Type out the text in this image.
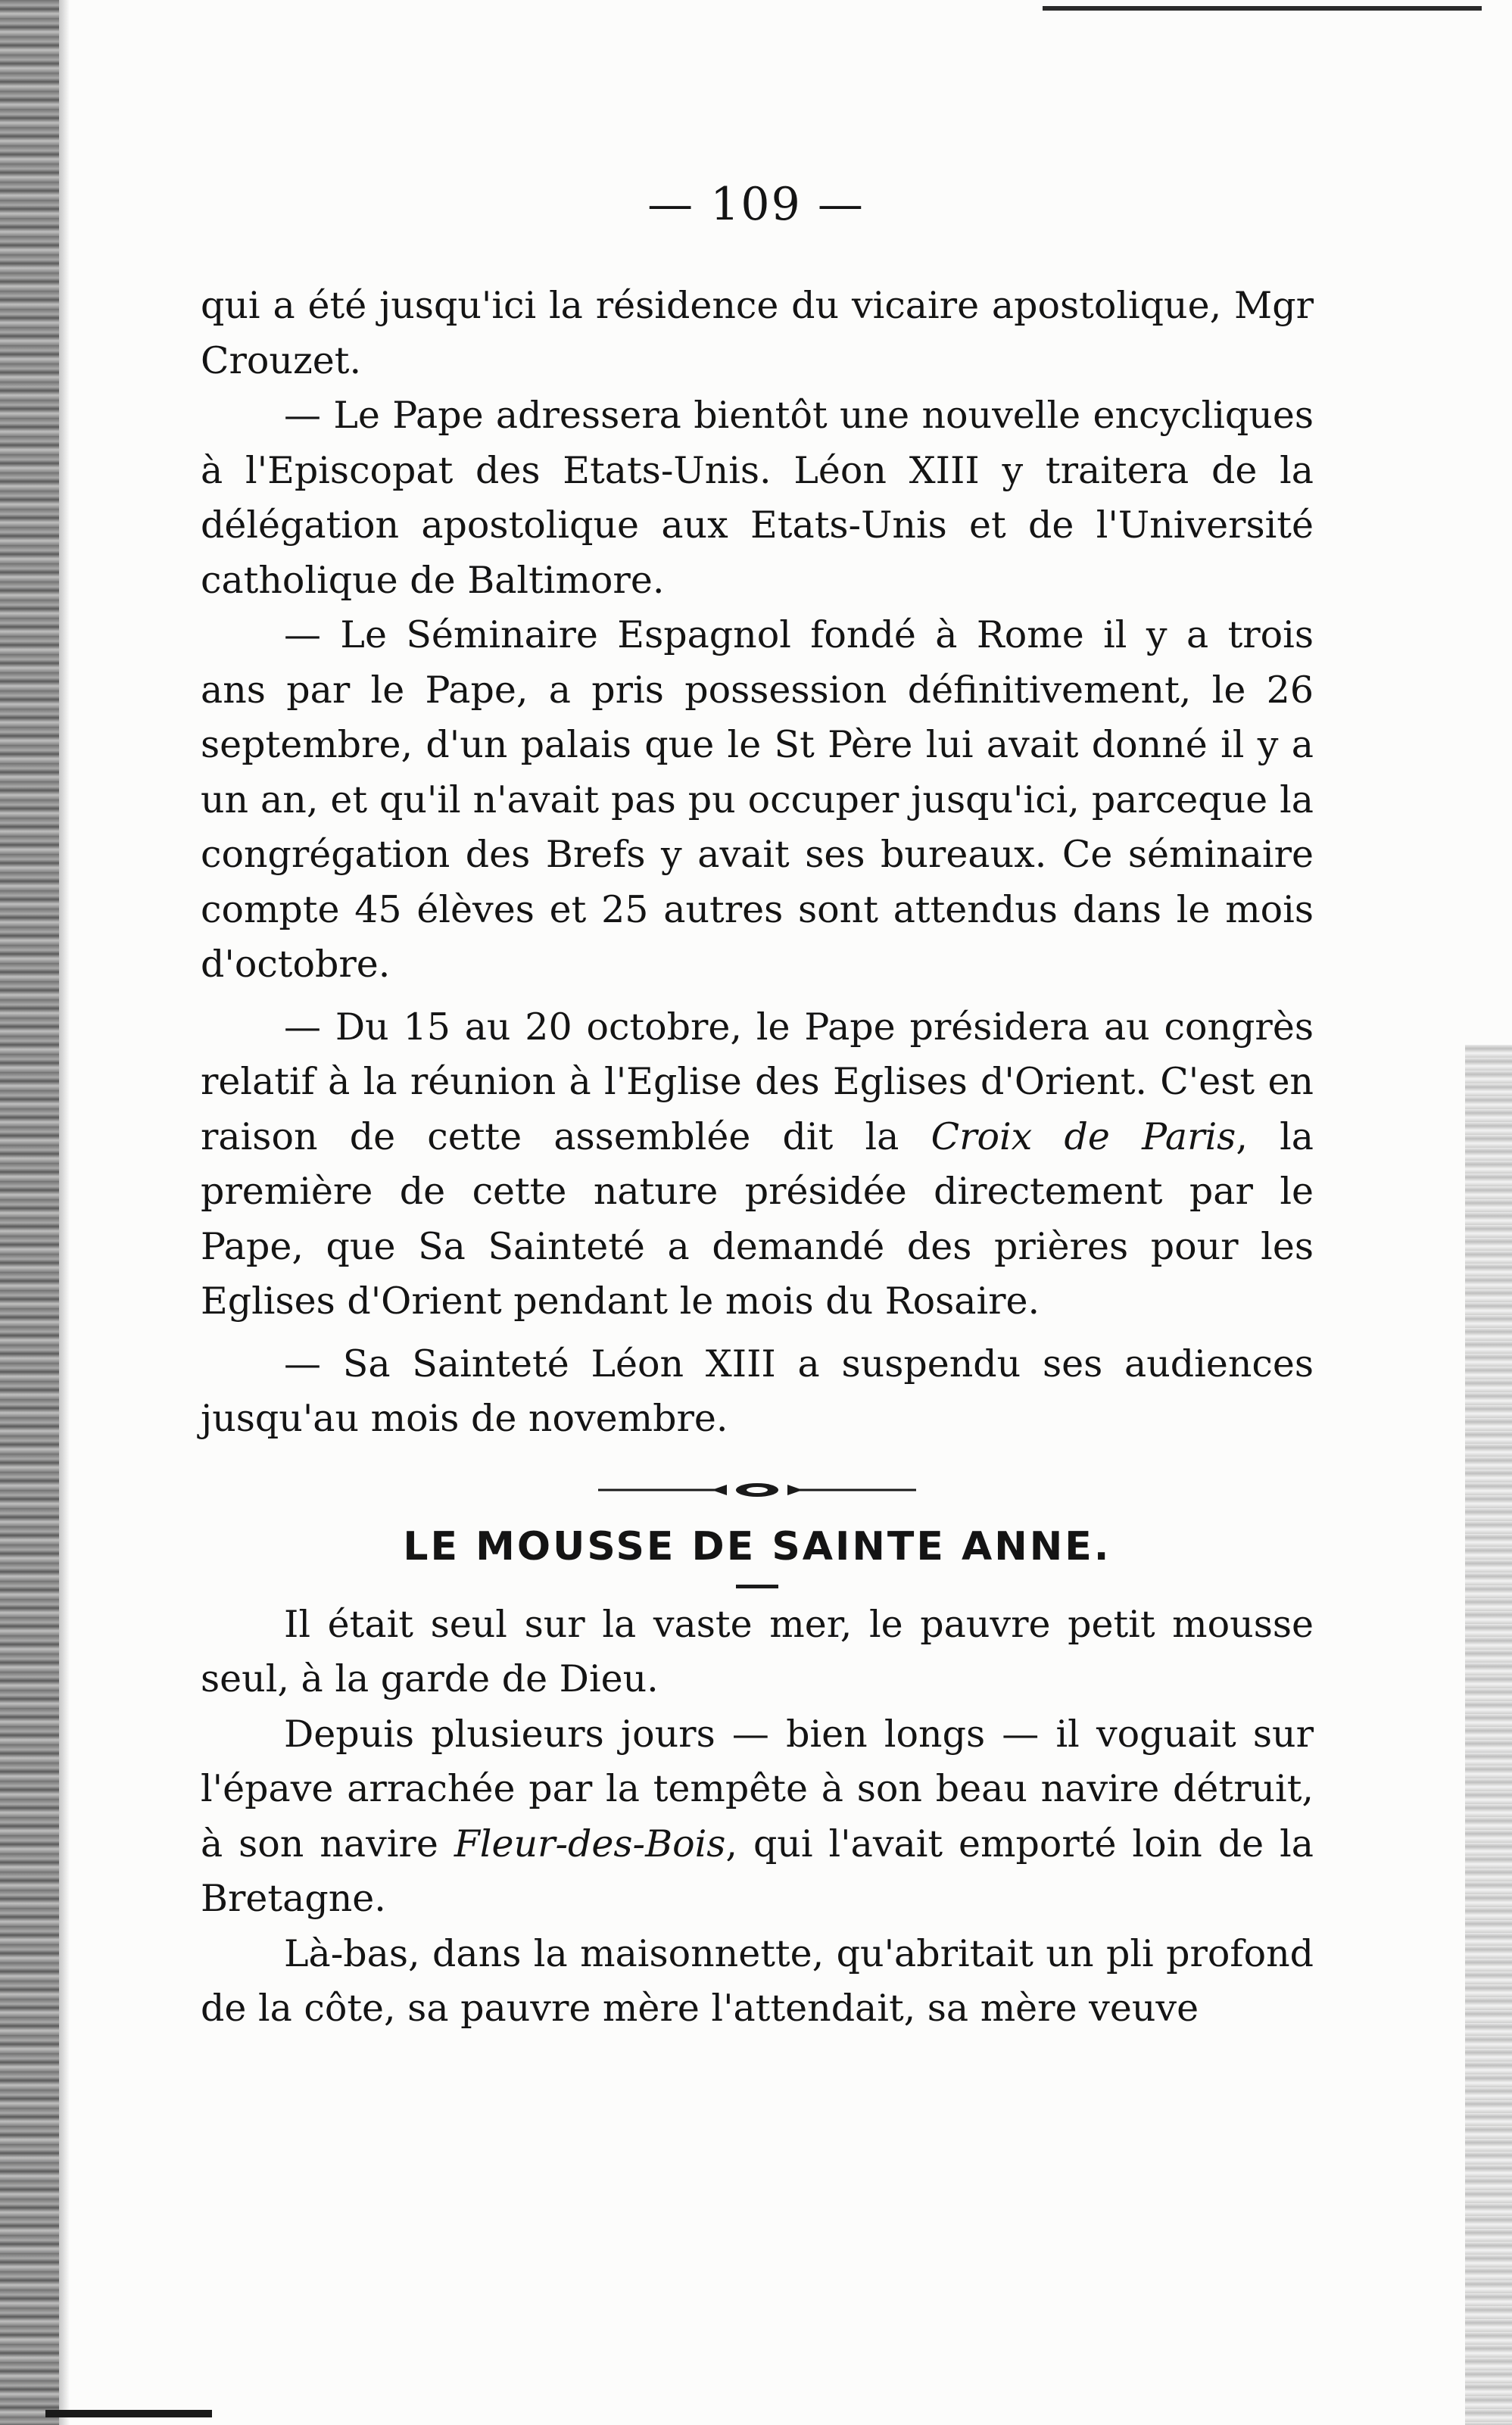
— 109 —

qui a été jusqu'ici la résidence du vicaire apostolique, Mgr Crouzet.

— Le Pape adressera bientôt une nouvelle encycliques à l'Episcopat des Etats-Unis. Léon XIII y traitera de la délégation apostolique aux Etats-Unis et de l'Université catholique de Baltimore.

— Le Séminaire Espagnol fondé à Rome il y a trois ans par le Pape, a pris possession définitivement, le 26 septembre, d'un palais que le St Père lui avait donné il y a un an, et qu'il n'avait pas pu occuper jusqu'ici, parceque la congrégation des Brefs y avait ses bureaux. Ce séminaire compte 45 élèves et 25 autres sont attendus dans le mois d'octobre.

— Du 15 au 20 octobre, le Pape présidera au congrès relatif à la réunion à l'Eglise des Eglises d'Orient. C'est en raison de cette assemblée dit la Croix de Paris, la première de cette nature présidée directement par le Pape, que Sa Sainteté a demandé des prières pour les Eglises d'Orient pendant le mois du Rosaire.

— Sa Sainteté Léon XIII a suspendu ses audiences jusqu'au mois de novembre.

LE MOUSSE DE SAINTE ANNE.

Il était seul sur la vaste mer, le pauvre petit mousse seul, à la garde de Dieu.

Depuis plusieurs jours — bien longs — il voguait sur l'épave arrachée par la tempête à son beau navire détruit, à son navire Fleur-des-Bois, qui l'avait emporté loin de la Bretagne.

Là-bas, dans la maisonnette, qu'abritait un pli profond de la côte, sa pauvre mère l'attendait, sa mère veuve
